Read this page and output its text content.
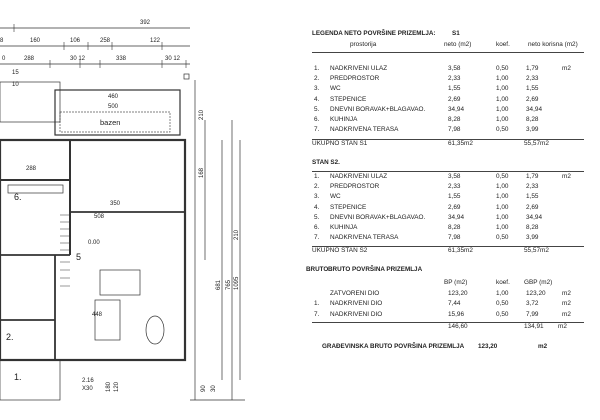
392
8	160	106	258	122
0	288	30 12	338	30 12
15
10
460
500
bazen
288
6.
350
508
0.00
5
448
2.
1.	2.16
X30
210
168
210
681 765 1095
90 30
180 120
LEGENDA NETO POVRŠINE PRIZEMLJA:	S1
prostorija	neto (m2)	koef.	neto korisna (m2)
1. NADKRIVENI ULAZ	3,58	0,50	1,79	m2
2. PREDPROSTOR	2,33	1,00	2,33
3. WC	1,55	1,00	1,55
4. STEPENICE	2,69	1,00	2,69
5. DNEVNI BORAVAK+BLAGAVAO.	34,94	1,00	34,94
6. KUHINJA	8,28	1,00	8,28
7. NADKRIVENA TERASA	7,98	0,50	3,99
UKUPNO STAN S1	61,35m2	55,57m2
STAN S2.
1. NADKRIVENI ULAZ	3,58	0,50	1,79	m2
2. PREDPROSTOR	2,33	1,00	2,33
3. WC	1,55	1,00	1,55
4. STEPENICE	2,69	1,00	2,69
5. DNEVNI BORAVAK+BLAGAVAO.	34,94	1,00	34,94
6. KUHINJA	8,28	1,00	8,28
7. NADKRIVENA TERASA	7,98	0,50	3,99
UKUPNO STAN S2	61,35m2	55,57m2
BRUTO BRUTO POVRŠINA PRIZEMLJA
BP (m2)	koef. GBP (m2)
ZATVORENI DIO	123,20	1,00	123,20	m2
1. NADKRIVENI DIO	7,44	0,50	3,72	m2
7. NADKRIVENI DIO	15,96	0,50	7,99	m2
146,60	134,91 m2
GRAĐEVINSKA BRUTO POVRŠINA PRIZEMLJA 123,20	m2
